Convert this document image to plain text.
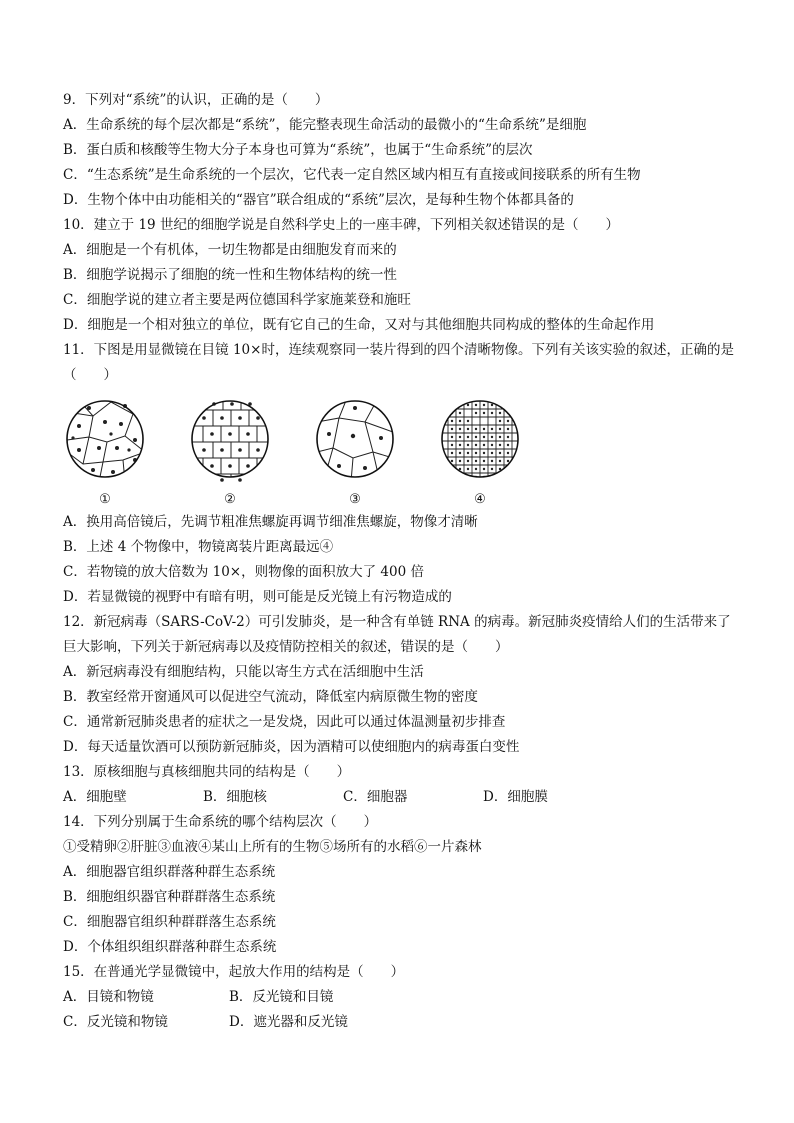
9．下列对“系统”的认识，正确的是（　　）
A．生命系统的每个层次都是“系统”，能完整表现生命活动的最微小的“生命系统”是细胞
B．蛋白质和核酸等生物大分子本身也可算为“系统”，也属于“生命系统”的层次
C．“生态系统”是生命系统的一个层次，它代表一定自然区域内相互有直接或间接联系的所有生物
D．生物个体中由功能相关的“器官”联合组成的“系统”层次，是每种生物个体都具备的
10．建立于 19 世纪的细胞学说是自然科学史上的一座丰碑，下列相关叙述错误的是（　　）
A．细胞是一个有机体，一切生物都是由细胞发育而来的
B．细胞学说揭示了细胞的统一性和生物体结构的统一性
C．细胞学说的建立者主要是两位德国科学家施莱登和施旺
D．细胞是一个相对独立的单位，既有它自己的生命，又对与其他细胞共同构成的整体的生命起作用
11．下图是用显微镜在目镜 10×时，连续观察同一装片得到的四个清晰物像。下列有关该实验的叙述，正确的是（　　）
①	②	③	④
A．换用高倍镜后，先调节粗准焦螺旋再调节细准焦螺旋，物像才清晰
B．上述 4 个物像中，物镜离装片距离最远④
C．若物镜的放大倍数为 10×，则物像的面积放大了 400 倍
D．若显微镜的视野中有暗有明，则可能是反光镜上有污物造成的
12．新冠病毒（SARS-CoV-2）可引发肺炎，是一种含有单链 RNA 的病毒。新冠肺炎疫情给人们的生活带来了巨大影响，下列关于新冠病毒以及疫情防控相关的叙述，错误的是（　　）
A．新冠病毒没有细胞结构，只能以寄生方式在活细胞中生活
B．教室经常开窗通风可以促进空气流动，降低室内病原微生物的密度
C．通常新冠肺炎患者的症状之一是发烧，因此可以通过体温测量初步排查
D．每天适量饮酒可以预防新冠肺炎，因为酒精可以使细胞内的病毒蛋白变性
13．原核细胞与真核细胞共同的结构是（　　）
A．细胞壁	B．细胞核	C．细胞器	D．细胞膜
14．下列分别属于生命系统的哪个结构层次（　　）
①受精卵②肝脏③血液④某山上所有的生物⑤场所有的水稻⑥一片森林
A．细胞器官组织群落种群生态系统
B．细胞组织器官种群群落生态系统
C．细胞器官组织种群群落生态系统
D．个体组织组织群落种群生态系统
15．在普通光学显微镜中，起放大作用的结构是（　　）
A．目镜和物镜	B．反光镜和目镜
C．反光镜和物镜	D．遮光器和反光镜
